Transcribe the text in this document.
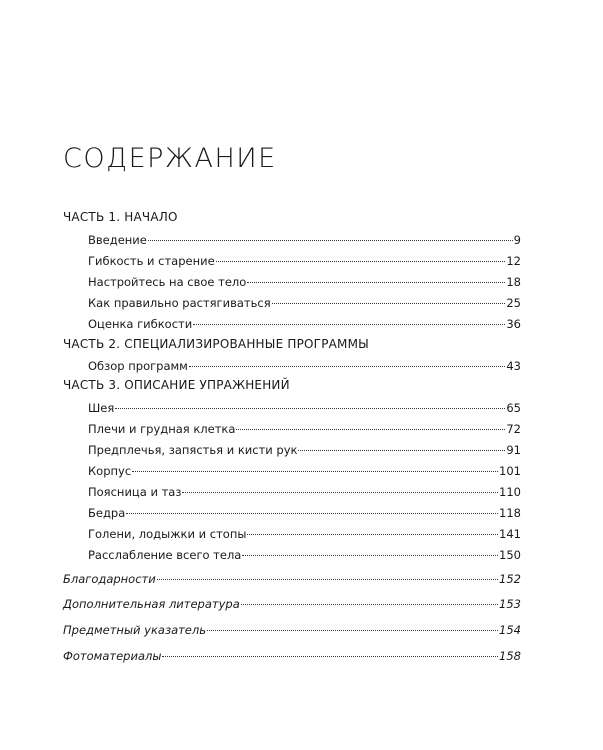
СОДЕРЖАНИЕ
ЧАСТЬ 1. НАЧАЛО
Введение	9
Гибкость и старение	12
Настройтесь на свое тело	18
Как правильно растягиваться	25
Оценка гибкости	36
ЧАСТЬ 2. СПЕЦИАЛИЗИРОВАННЫЕ ПРОГРАММЫ
Обзор программ	43
ЧАСТЬ 3. ОПИСАНИЕ УПРАЖНЕНИЙ
Шея	65
Плечи и грудная клетка	72
Предплечья, запястья и кисти рук	91
Корпус	101
Поясница и таз	110
Бедра	118
Голени, лодыжки и стопы	141
Расслабление всего тела	150
Благодарности	152
Дополнительная литература	153
Предметный указатель	154
Фотоматериалы	158
